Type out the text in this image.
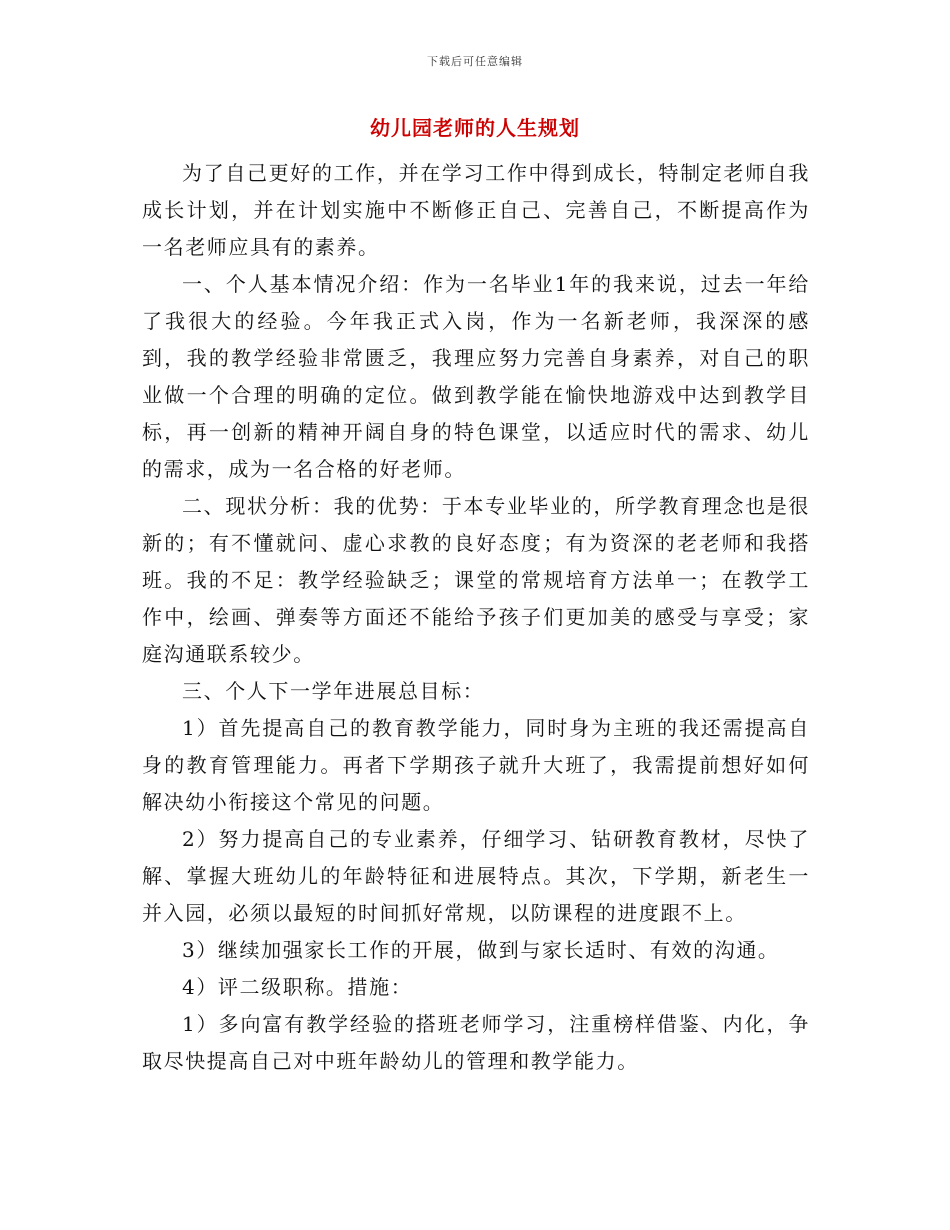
下载后可任意编辑
幼儿园老师的人生规划

为了自己更好的工作，并在学习工作中得到成长，特制定老师自我成长计划，并在计划实施中不断修正自己、完善自己，不断提高作为一名老师应具有的素养。

一、个人基本情况介绍：作为一名毕业1年的我来说，过去一年给了我很大的经验。今年我正式入岗，作为一名新老师，我深深的感到，我的教学经验非常匮乏，我理应努力完善自身素养，对自己的职业做一个合理的明确的定位。做到教学能在愉快地游戏中达到教学目标，再一创新的精神开阔自身的特色课堂，以适应时代的需求、幼儿的需求，成为一名合格的好老师。

二、现状分析：我的优势：于本专业毕业的，所学教育理念也是很新的；有不懂就问、虚心求教的良好态度；有为资深的老老师和我搭班。我的不足：教学经验缺乏；课堂的常规培育方法单一；在教学工作中，绘画、弹奏等方面还不能给予孩子们更加美的感受与享受；家庭沟通联系较少。

三、个人下一学年进展总目标：

1）首先提高自己的教育教学能力，同时身为主班的我还需提高自身的教育管理能力。再者下学期孩子就升大班了，我需提前想好如何解决幼小衔接这个常见的问题。

2）努力提高自己的专业素养，仔细学习、钻研教育教材，尽快了解、掌握大班幼儿的年龄特征和进展特点。其次，下学期，新老生一并入园，必须以最短的时间抓好常规，以防课程的进度跟不上。

3）继续加强家长工作的开展，做到与家长适时、有效的沟通。

4）评二级职称。措施：

1）多向富有教学经验的搭班老师学习，注重榜样借鉴、内化，争取尽快提高自己对中班年龄幼儿的管理和教学能力。
